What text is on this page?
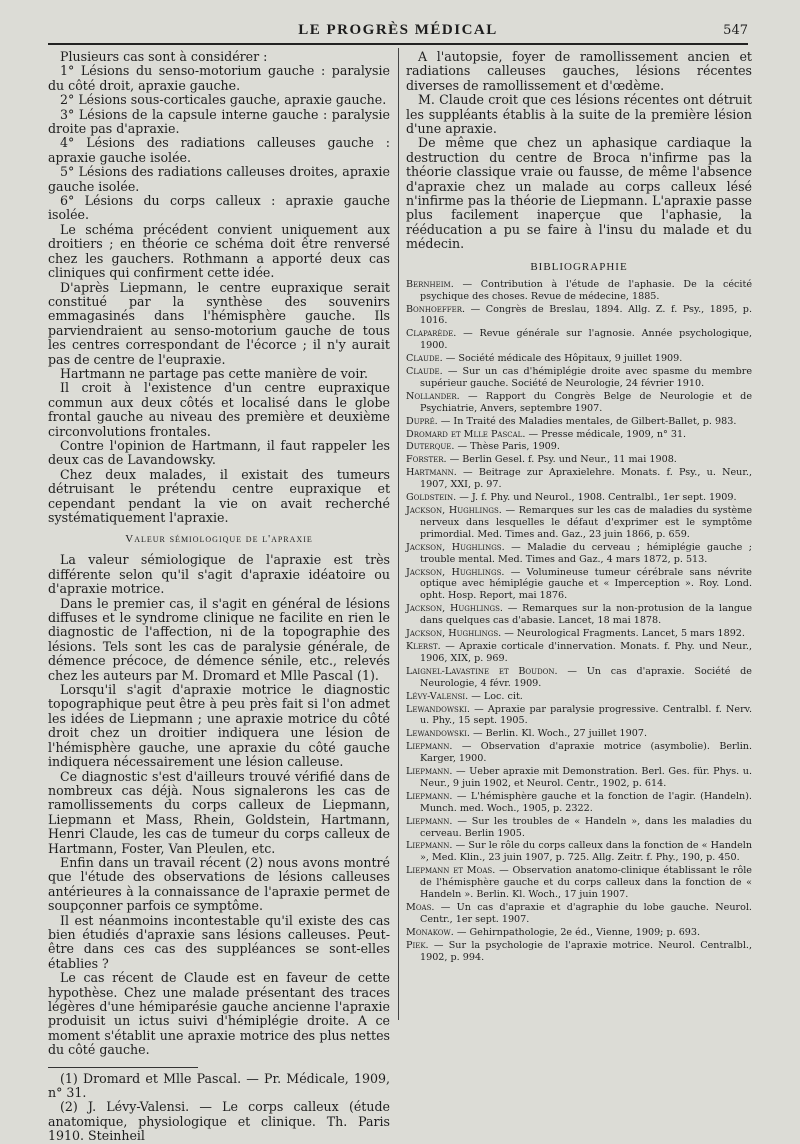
LE PROGRÈS MÉDICAL	547

Plusieurs cas sont à considérer :

1° Lésions du senso-motorium gauche : paralysie du côté droit, apraxie gauche.

2° Lésions sous-corticales gauche, apraxie gauche.

3° Lésions de la capsule interne gauche : paralysie droite pas d'apraxie.

4° Lésions des radiations calleuses gauche : apraxie gauche isolée.

5° Lésions des radiations calleuses droites, apraxie gauche isolée.

6° Lésions du corps calleux : apraxie gauche isolée.

Le schéma précédent convient uniquement aux droitiers ; en théorie ce schéma doit être renversé chez les gauchers. Rothmann a apporté deux cas cliniques qui confirment cette idée.

D'après Liepmann, le centre eupraxique serait constitué par la synthèse des souvenirs emmagasinés dans l'hémisphère gauche. Ils parviendraient au senso-motorium gauche de tous les centres correspondant de l'écorce ; il n'y aurait pas de centre de l'eupraxie.

Hartmann ne partage pas cette manière de voir.

Il croit à l'existence d'un centre eupraxique commun aux deux côtés et localisé dans le globe frontal gauche au niveau des première et deuxième circonvolutions frontales.

Contre l'opinion de Hartmann, il faut rappeler les deux cas de Lavandowsky.

Chez deux malades, il existait des tumeurs détruisant le prétendu centre eupraxique et cependant pendant la vie on avait recherché systématiquement l'apraxie.

Valeur sémiologique de l'apraxie

La valeur sémiologique de l'apraxie est très différente selon qu'il s'agit d'apraxie idéatoire ou d'apraxie motrice.

Dans le premier cas, il s'agit en général de lésions diffuses et le syndrome clinique ne facilite en rien le diagnostic de l'affection, ni de la topographie des lésions. Tels sont les cas de paralysie générale, de démence précoce, de démence sénile, etc., relevés chez les auteurs par M. Dromard et Mlle Pascal (1).

Lorsqu'il s'agit d'apraxie motrice le diagnostic topographique peut être à peu près fait si l'on admet les idées de Liepmann ; une apraxie motrice du côté droit chez un droitier indiquera une lésion de l'hémisphère gauche, une apraxie du côté gauche indiquera nécessairement une lésion calleuse.

Ce diagnostic s'est d'ailleurs trouvé vérifié dans de nombreux cas déjà. Nous signalerons les cas de ramollissements du corps calleux de Liepmann, Liepmann et Mass, Rhein, Goldstein, Hartmann, Henri Claude, les cas de tumeur du corps calleux de Hartmann, Foster, Van Pleulen, etc.

Enfin dans un travail récent (2) nous avons montré que l'étude des observations de lésions calleuses antérieures à la connaissance de l'apraxie permet de soupçonner parfois ce symptôme.

Il est néanmoins incontestable qu'il existe des cas bien étudiés d'apraxie sans lésions calleuses. Peut-être dans ces cas des suppléances se sont-elles établies ?

Le cas récent de Claude est en faveur de cette hypothèse. Chez une malade présentant des traces légères d'une hémiparésie gauche ancienne l'apraxie produisit un ictus suivi d'hémiplégie droite. A ce moment s'établit une apraxie motrice des plus nettes du côté gauche.

(1) Dromard et Mlle Pascal. — Pr. Médicale, 1909, n° 31.

(2) J. Lévy-Valensi. — Le corps calleux (étude anatomique, physiologique et clinique. Th. Paris 1910. Steinheil

A l'autopsie, foyer de ramollissement ancien et radiations calleuses gauches, lésions récentes diverses de ramollissement et d'œdème.

M. Claude croit que ces lésions récentes ont détruit les suppléants établis à la suite de la première lésion d'une apraxie.

De même que chez un aphasique cardiaque la destruction du centre de Broca n'infirme pas la théorie classique vraie ou fausse, de même l'absence d'apraxie chez un malade au corps calleux lésé n'infirme pas la théorie de Liepmann. L'apraxie passe plus facilement inaperçue que l'aphasie, la rééducation a pu se faire à l'insu du malade et du médecin.

BIBLIOGRAPHIE

Bernheim. — Contribution à l'étude de l'aphasie. De la cécité psychique des choses. Revue de médecine, 1885.

Bonhoeffer. — Congrès de Breslau, 1894. Allg. Z. f. Psy., 1895, p. 1016.

Claparède. — Revue générale sur l'agnosie. Année psychologique, 1900.

Claude. — Société médicale des Hôpitaux, 9 juillet 1909.

Claude. — Sur un cas d'hémiplégie droite avec spasme du membre supérieur gauche. Société de Neurologie, 24 février 1910.

Nollander. — Rapport du Congrès Belge de Neurologie et de Psychiatrie, Anvers, septembre 1907.

Dupré. — In Traité des Maladies mentales, de Gilbert-Ballet, p. 983.

Dromard et Mlle Pascal. — Presse médicale, 1909, n° 31.

Duterque. — Thèse Paris, 1909.

Forster. — Berlin Gesel. f. Psy. und Neur., 11 mai 1908.

Hartmann. — Beitrage zur Apraxielehre. Monats. f. Psy., u. Neur., 1907, XXI, p. 97.

Goldstein. — J. f. Phy. und Neurol., 1908. Centralbl., 1er sept. 1909.

Jackson, Hughlings. — Remarques sur les cas de maladies du système nerveux dans lesquelles le défaut d'exprimer est le symptôme primordial. Med. Times and. Gaz., 23 juin 1866, p. 659.

Jackson, Hughlings. — Maladie du cerveau ; hémiplégie gauche ; trouble mental. Med. Times and Gaz., 4 mars 1872, p. 513.

Jackson, Hughlings. — Volumineuse tumeur cérébrale sans névrite optique avec hémiplégie gauche et « Imperception ». Roy. Lond. opht. Hosp. Report, mai 1876.

Jackson, Hughlings. — Remarques sur la non-protusion de la langue dans quelques cas d'abasie. Lancet, 18 mai 1878.

Jackson, Hughlings. — Neurological Fragments. Lancet, 5 mars 1892.

Klerst. — Apraxie corticale d'innervation. Monats. f. Phy. und Neur., 1906, XIX, p. 969.

Laignel-Lavastine et Boudon. — Un cas d'apraxie. Société de Neurologie, 4 févr. 1909.

Lévy-Valensi. — Loc. cit.

Lewandowski. — Apraxie par paralysie progressive. Centralbl. f. Nerv. u. Phy., 15 sept. 1905.

Lewandowski. — Berlin. Kl. Woch., 27 juillet 1907.

Liepmann. — Observation d'apraxie motrice (asymbolie). Berlin. Karger, 1900.

Liepmann. — Ueber apraxie mit Demonstration. Berl. Ges. für. Phys. u. Neur., 9 juin 1902, et Neurol. Centr., 1902, p. 614.

Liepmann. — L'hémisphère gauche et la fonction de l'agir. (Handeln). Munch. med. Woch., 1905, p. 2322.

Liepmann. — Sur les troubles de « Handeln », dans les maladies du cerveau. Berlin 1905.

Liepmann. — Sur le rôle du corps calleux dans la fonction de « Handeln », Med. Klin., 23 juin 1907, p. 725. Allg. Zeitr. f. Phy., 190, p. 450.

Liepmann et Moas. — Observation anatomo-clinique établissant le rôle de l'hémisphère gauche et du corps calleux dans la fonction de « Handeln ». Berlin. Kl. Woch., 17 juin 1907.

Moas. — Un cas d'apraxie et d'agraphie du lobe gauche. Neurol. Centr., 1er sept. 1907.

Monakow. — Gehirnpathologie, 2e éd., Vienne, 1909; p. 693.

Piek. — Sur la psychologie de l'apraxie motrice. Neurol. Centralbl., 1902, p. 994.
